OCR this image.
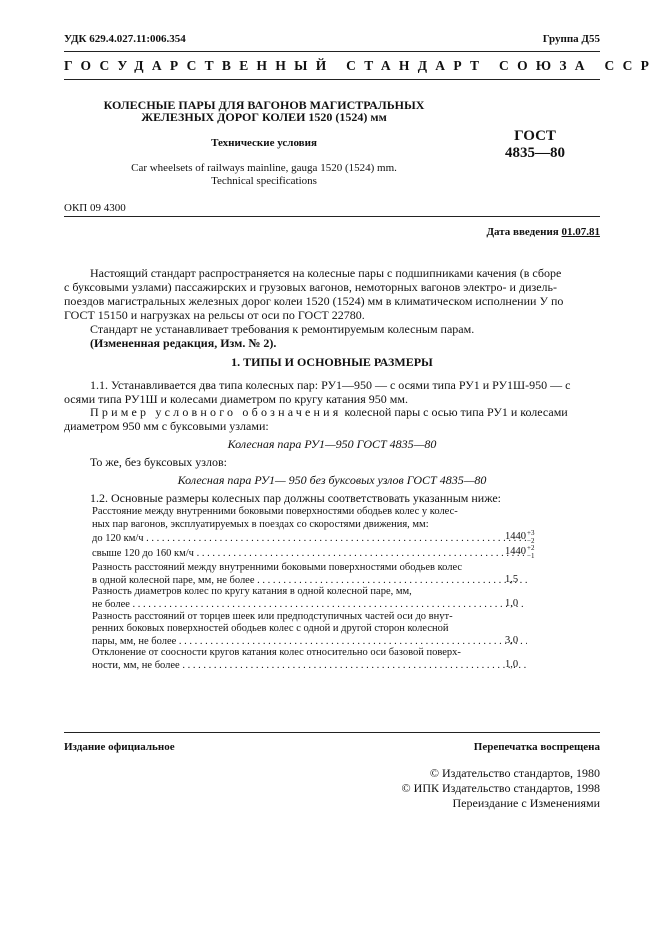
УДК 629.4.027.11:006.354	Группа Д55
ГОСУДАРСТВЕННЫЙ СТАНДАРТ СОЮЗА ССР
КОЛЕСНЫЕ ПАРЫ ДЛЯ ВАГОНОВ МАГИСТРАЛЬНЫХ
ЖЕЛЕЗНЫХ ДОРОГ КОЛЕИ 1520 (1524) мм
Технические условия
Car wheelsets of railways mainline, gauga 1520 (1524) mm.
Technical specifications
ГОСТ
4835—80
ОКП 09 4300
Дата введения 01.07.81
Настоящий стандарт распространяется на колесные пары с подшипниками качения (в сборе
с буксовыми узлами) пассажирских и грузовых вагонов, немоторных вагонов электро- и дизель-
поездов магистральных железных дорог колеи 1520 (1524) мм в климатическом исполнении У по
ГОСТ 15150 и нагрузках на рельсы от оси по ГОСТ 22780.
Стандарт не устанавливает требования к ремонтируемым колесным парам.
(Измененная редакция, Изм. № 2).
1. ТИПЫ И ОСНОВНЫЕ РАЗМЕРЫ
1.1. Устанавливается два типа колесных пар: РУ1—950 — с осями типа РУ1 и РУ1Ш-950 — с
осями типа РУ1Ш и колесами диаметром по кругу катания 950 мм.
Пример условного обозначения колесной пары с осью типа РУ1 и колесами
диаметром 950 мм с буксовыми узлами:
Колесная пара РУ1—950 ГОСТ 4835—80
То же, без буксовых узлов:
Колесная пара РУ1— 950 без буксовых узлов ГОСТ 4835—80
1.2. Основные размеры колесных пар должны соответствовать указанным ниже:
Расстояние между внутренними боковыми поверхностями ободьев колес у колес-
ных пар вагонов, эксплуатируемых в поездах со скоростями движения, мм:
до 120 км/ч . . .	1440 +3
−2
свыше 120 до 160 км/ч . . .	1440 +2
−1
Разность расстояний между внутренними боковыми поверхностями ободьев колес
в одной колесной паре, мм, не более . . .	1,5
Разность диаметров колес по кругу катания в одной колесной паре, мм,
не более . . .	1,0
Разность расстояний от торцев шеек или предподступичных частей оси до внут-
ренних боковых поверхностей ободьев колес с одной и другой сторон колесной
пары, мм, не более . . .	3,0
Отклонение от соосности кругов катания колес относительно оси базовой поверх-
ности, мм, не более . . .	1,0
Издание официальное	Перепечатка воспрещена
© Издательство стандартов, 1980
© ИПК Издательство стандартов, 1998
Переиздание с Изменениями
